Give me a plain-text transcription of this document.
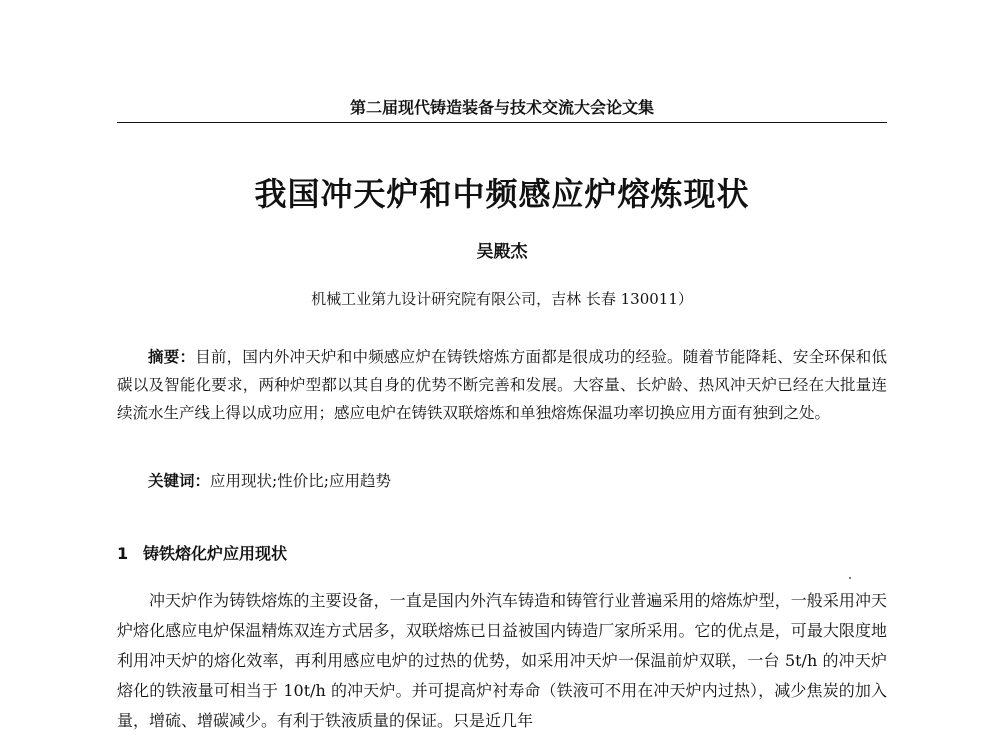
第二届现代铸造装备与技术交流大会论文集
我国冲天炉和中频感应炉熔炼现状
吴殿杰
机械工业第九设计研究院有限公司，吉林 长春 130011）

摘要：目前，国内外冲天炉和中频感应炉在铸铁熔炼方面都是很成功的经验。随着节能降耗、安全环保和低碳以及智能化要求，两种炉型都以其自身的优势不断完善和发展。大容量、长炉龄、热风冲天炉已经在大批量连续流水生产线上得以成功应用；感应电炉在铸铁双联熔炼和单独熔炼保温功率切换应用方面有独到之处。

关键词：应用现状;性价比;应用趋势
1 铸铁熔化炉应用现状

冲天炉作为铸铁熔炼的主要设备，一直是国内外汽车铸造和铸管行业普遍采用的熔炼炉型，一般采用冲天炉熔化感应电炉保温精炼双连方式居多，双联熔炼已日益被国内铸造厂家所采用。它的优点是，可最大限度地利用冲天炉的熔化效率，再利用感应电炉的过热的优势，如采用冲天炉一保温前炉双联，一台 5t/h 的冲天炉熔化的铁液量可相当于 10t/h 的冲天炉。并可提高炉衬寿命（铁液可不用在冲天炉内过热），减少焦炭的加入量，增硫、增碳减少。有利于铁液质量的保证。只是近几年
